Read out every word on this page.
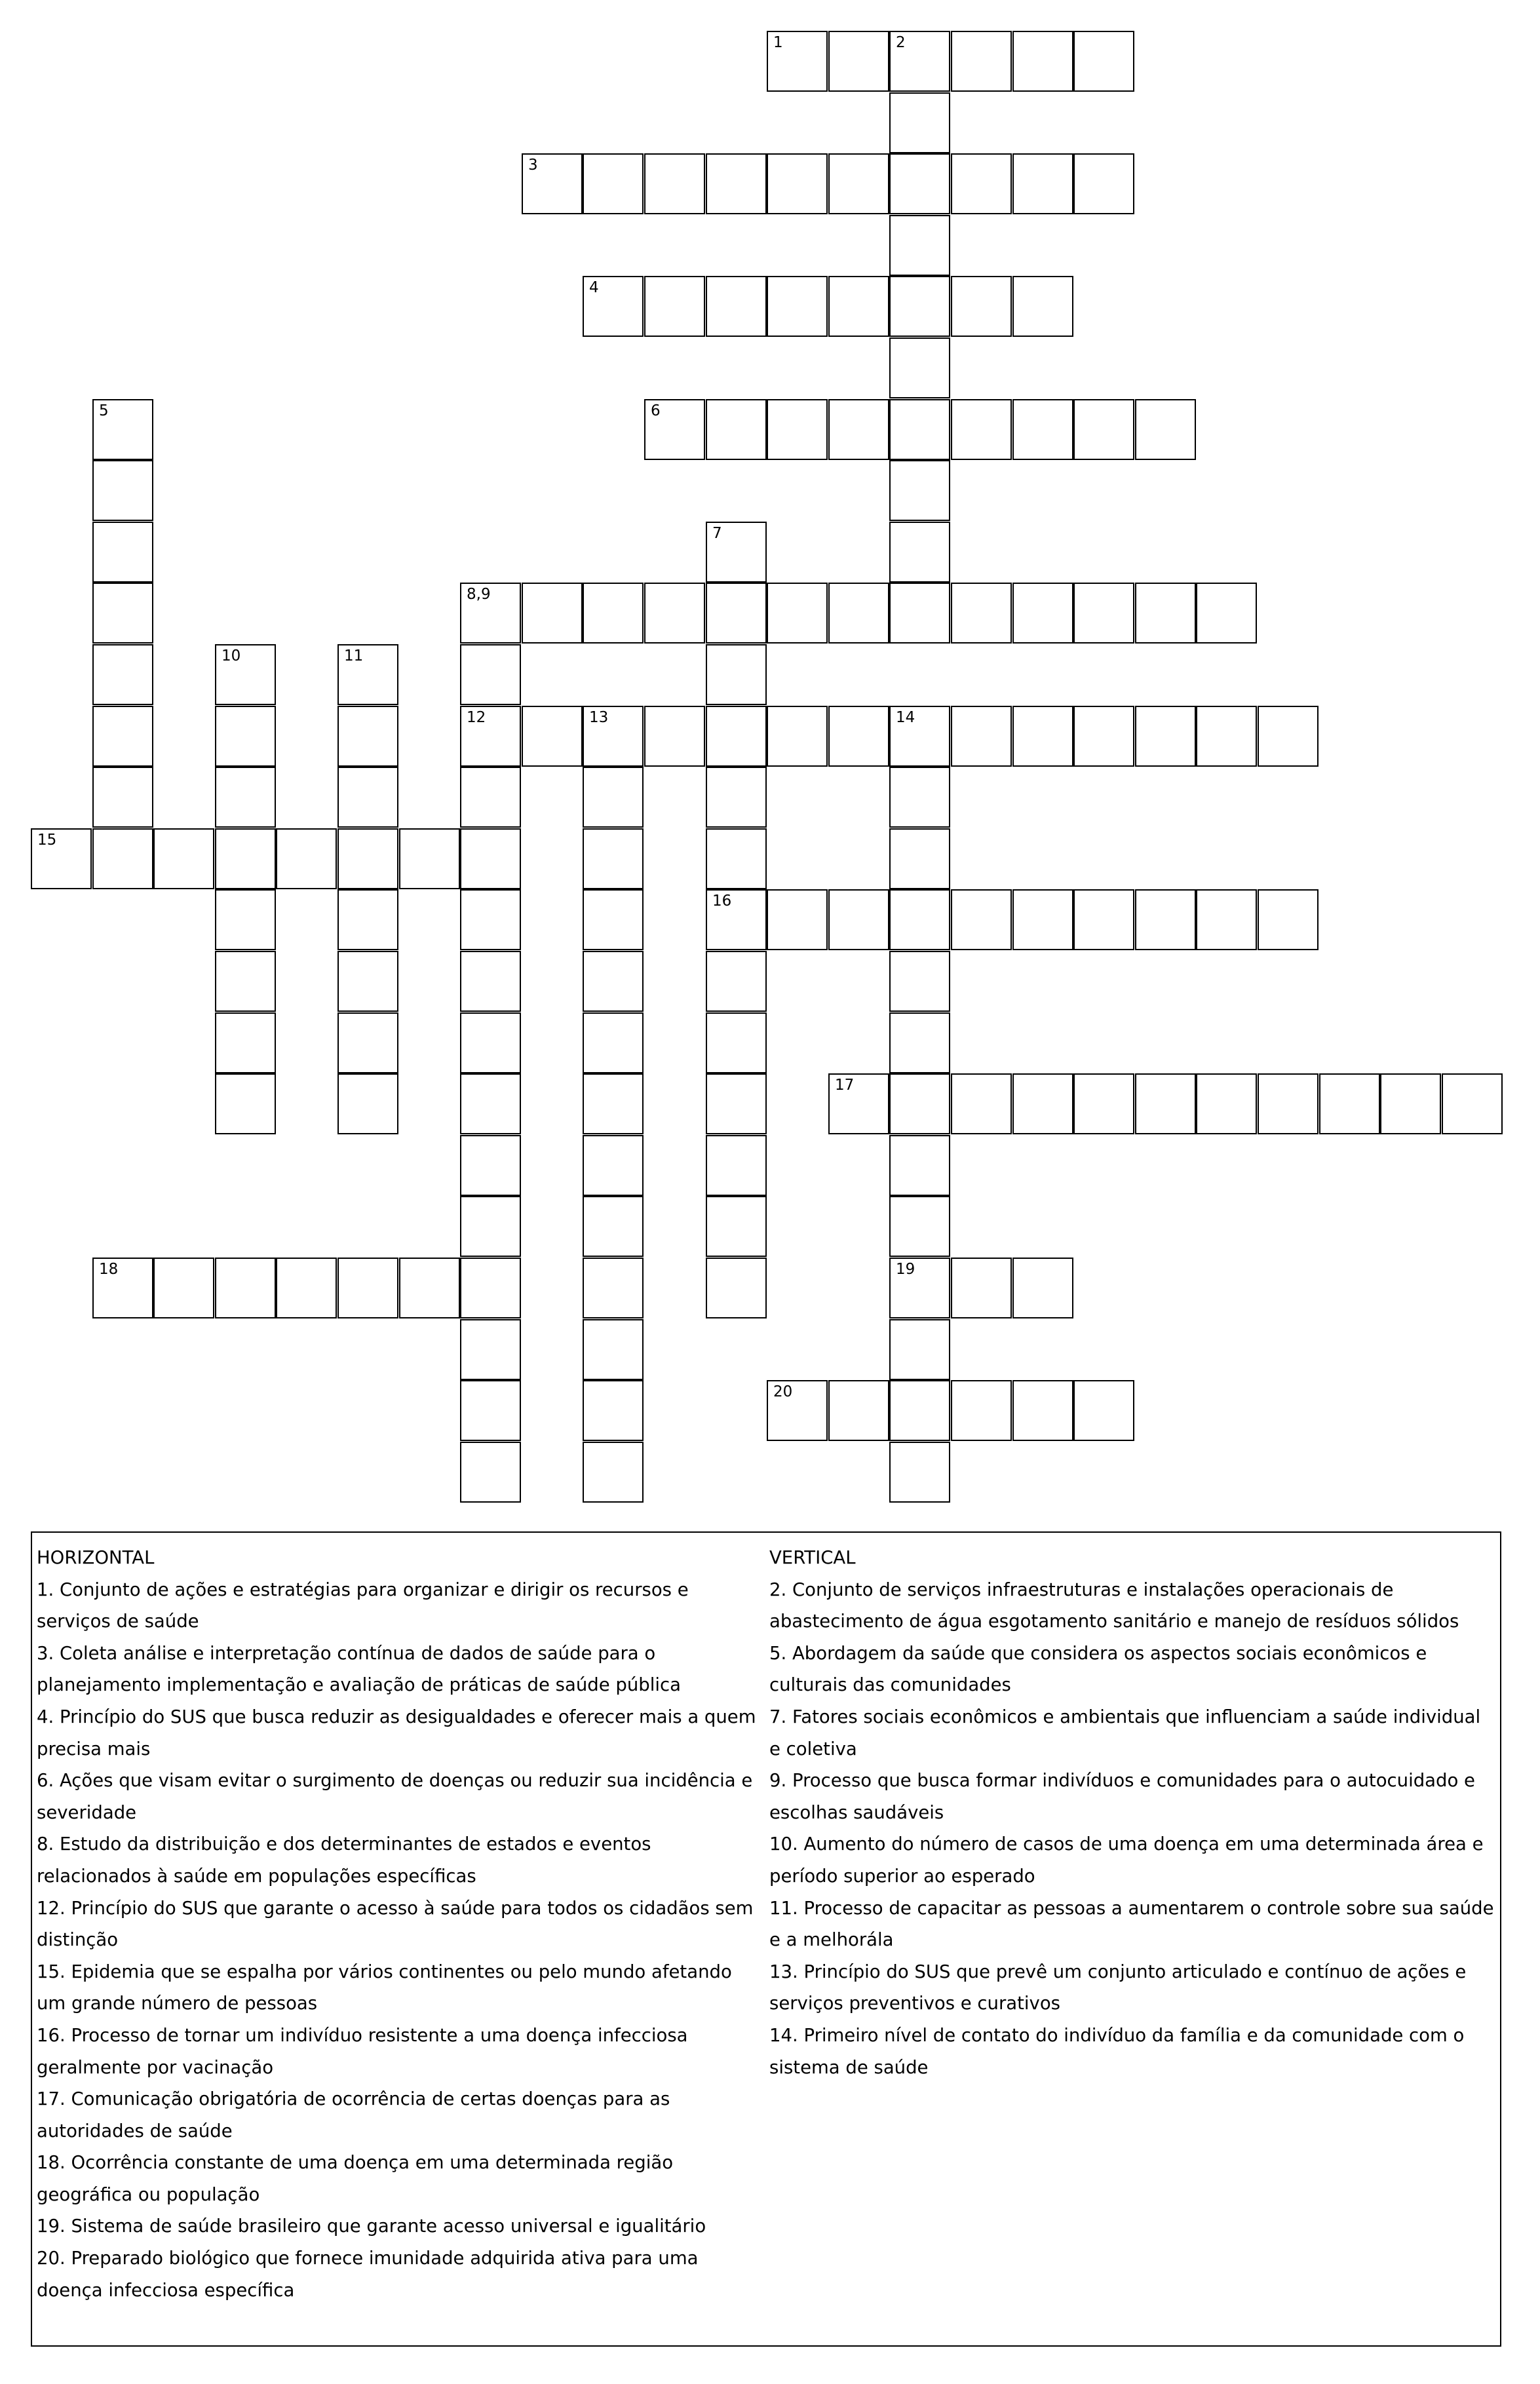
1	2
3
4
6
8,9
12	13	14
15
16
17
18	19
20
5
7
10	11
HORIZONTAL
1. Conjunto de ações e estratégias para organizar e dirigir os recursos e serviços de saúde
3. Coleta análise e interpretação contínua de dados de saúde para o planejamento implementação e avaliação de práticas de saúde pública
4. Princípio do SUS que busca reduzir as desigualdades e oferecer mais a quem precisa mais
6. Ações que visam evitar o surgimento de doenças ou reduzir sua incidência e severidade
8. Estudo da distribuição e dos determinantes de estados e eventos relacionados à saúde em populações específicas
12. Princípio do SUS que garante o acesso à saúde para todos os cidadãos sem distinção
15. Epidemia que se espalha por vários continentes ou pelo mundo afetando um grande número de pessoas
16. Processo de tornar um indivíduo resistente a uma doença infecciosa geralmente por vacinação
17. Comunicação obrigatória de ocorrência de certas doenças para as autoridades de saúde
18. Ocorrência constante de uma doença em uma determinada região geográfica ou população
19. Sistema de saúde brasileiro que garante acesso universal e igualitário
20. Preparado biológico que fornece imunidade adquirida ativa para uma doença infecciosa específica
VERTICAL
2. Conjunto de serviços infraestruturas e instalações operacionais de abastecimento de água esgotamento sanitário e manejo de resíduos sólidos
5. Abordagem da saúde que considera os aspectos sociais econômicos e culturais das comunidades
7. Fatores sociais econômicos e ambientais que influenciam a saúde individual e coletiva
9. Processo que busca formar indivíduos e comunidades para o autocuidado e escolhas saudáveis
10. Aumento do número de casos de uma doença em uma determinada área e período superior ao esperado
11. Processo de capacitar as pessoas a aumentarem o controle sobre sua saúde e a melhorála
13. Princípio do SUS que prevê um conjunto articulado e contínuo de ações e serviços preventivos e curativos
14. Primeiro nível de contato do indivíduo da família e da comunidade com o sistema de saúde
